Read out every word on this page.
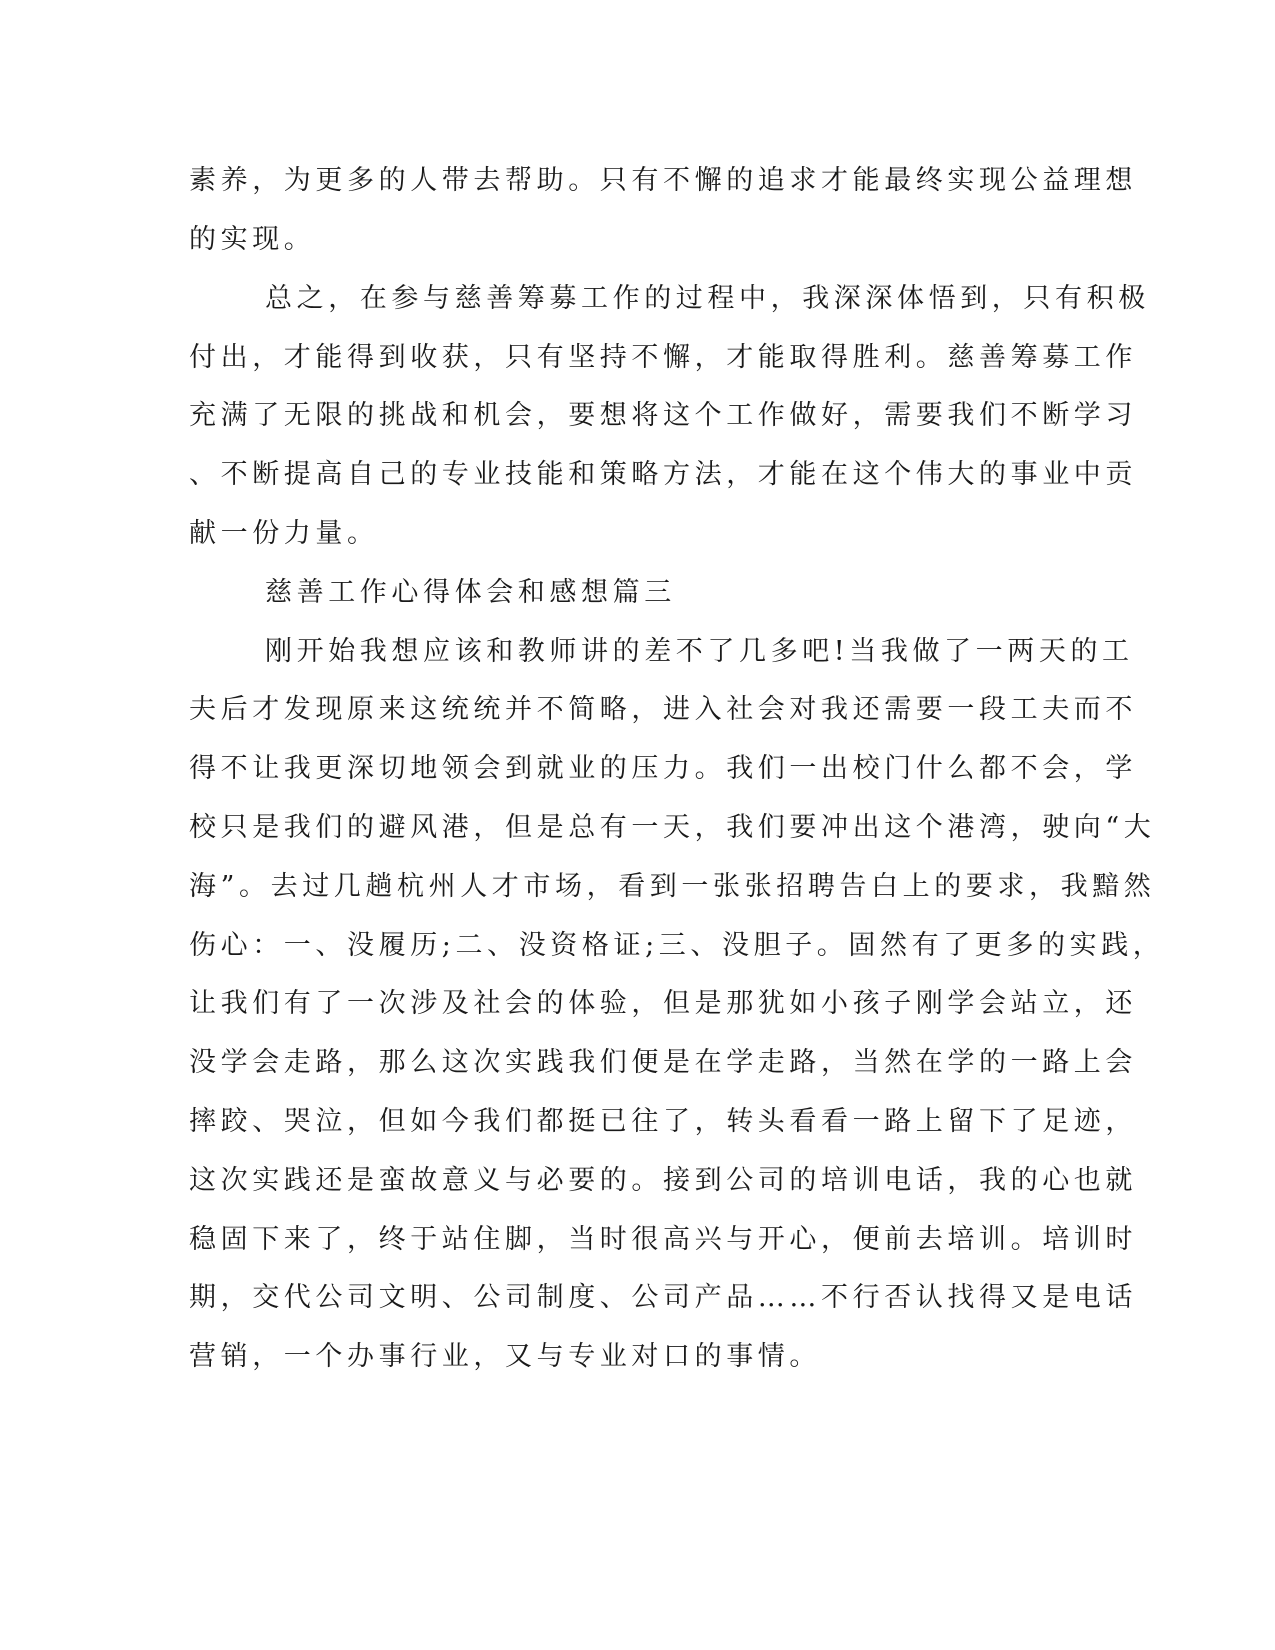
素养，为更多的人带去帮助。只有不懈的追求才能最终实现公益理想
的实现。
总之，在参与慈善筹募工作的过程中，我深深体悟到，只有积极
付出，才能得到收获，只有坚持不懈，才能取得胜利。慈善筹募工作
充满了无限的挑战和机会，要想将这个工作做好，需要我们不断学习
、不断提高自己的专业技能和策略方法，才能在这个伟大的事业中贡
献一份力量。
慈善工作心得体会和感想篇三
刚开始我想应该和教师讲的差不了几多吧!当我做了一两天的工
夫后才发现原来这统统并不简略，进入社会对我还需要一段工夫而不
得不让我更深切地领会到就业的压力。我们一出校门什么都不会，学
校只是我们的避风港，但是总有一天，我们要冲出这个港湾，驶向“大
海”。去过几趟杭州人才市场，看到一张张招聘告白上的要求，我黯然
伤心：一、没履历;二、没资格证;三、没胆子。固然有了更多的实践，
让我们有了一次涉及社会的体验，但是那犹如小孩子刚学会站立，还
没学会走路，那么这次实践我们便是在学走路，当然在学的一路上会
摔跤、哭泣，但如今我们都挺已往了，转头看看一路上留下了足迹，
这次实践还是蛮故意义与必要的。接到公司的培训电话，我的心也就
稳固下来了，终于站住脚，当时很高兴与开心，便前去培训。培训时
期，交代公司文明、公司制度、公司产品……不行否认找得又是电话
营销，一个办事行业，又与专业对口的事情。
